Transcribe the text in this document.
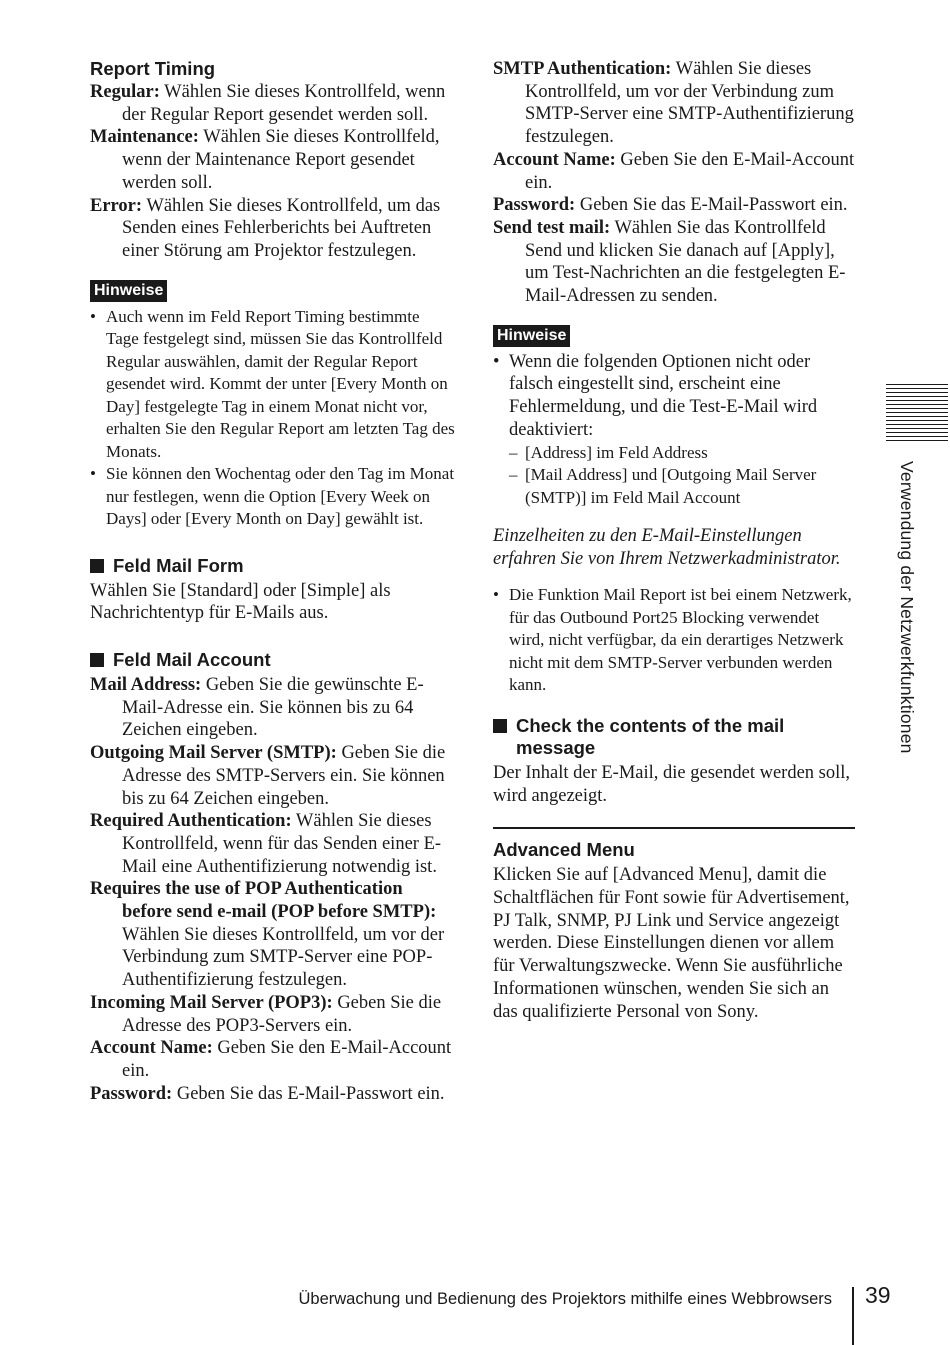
Report Timing

Regular: Wählen Sie dieses Kontrollfeld, wenn der Regular Report gesendet werden soll.

Maintenance: Wählen Sie dieses Kontrollfeld, wenn der Maintenance Report gesendet werden soll.

Error: Wählen Sie dieses Kontrollfeld, um das Senden eines Fehlerberichts bei Auftreten einer Störung am Projektor festzulegen.

Hinweise

• Auch wenn im Feld Report Timing bestimmte Tage festgelegt sind, müssen Sie das Kontrollfeld Regular auswählen, damit der Regular Report gesendet wird. Kommt der unter [Every Month on Day] festgelegte Tag in einem Monat nicht vor, erhalten Sie den Regular Report am letzten Tag des Monats.

• Sie können den Wochentag oder den Tag im Monat nur festlegen, wenn die Option [Every Week on Days] oder [Every Month on Day] gewählt ist.

Feld Mail Form

Wählen Sie [Standard] oder [Simple] als Nachrichtentyp für E-Mails aus.

Feld Mail Account

Mail Address: Geben Sie die gewünschte E-Mail-Adresse ein. Sie können bis zu 64 Zeichen eingeben.

Outgoing Mail Server (SMTP): Geben Sie die Adresse des SMTP-Servers ein. Sie können bis zu 64 Zeichen eingeben.

Required Authentication: Wählen Sie dieses Kontrollfeld, wenn für das Senden einer E-Mail eine Authentifizierung notwendig ist.

Requires the use of POP Authentication before send e-mail (POP before SMTP): Wählen Sie dieses Kontrollfeld, um vor der Verbindung zum SMTP-Server eine POP-Authentifizierung festzulegen.

Incoming Mail Server (POP3): Geben Sie die Adresse des POP3-Servers ein.

Account Name: Geben Sie den E-Mail-Account ein.

Password: Geben Sie das E-Mail-Passwort ein.

SMTP Authentication: Wählen Sie dieses Kontrollfeld, um vor der Verbindung zum SMTP-Server eine SMTP-Authentifizierung festzulegen.

Account Name: Geben Sie den E-Mail-Account ein.

Password: Geben Sie das E-Mail-Passwort ein.

Send test mail: Wählen Sie das Kontrollfeld Send und klicken Sie danach auf [Apply], um Test-Nachrichten an die festgelegten E-Mail-Adressen zu senden.

Hinweise

• Wenn die folgenden Optionen nicht oder falsch eingestellt sind, erscheint eine Fehlermeldung, und die Test-E-Mail wird deaktiviert:

– [Address] im Feld Address

– [Mail Address] und [Outgoing Mail Server (SMTP)] im Feld Mail Account

Einzelheiten zu den E-Mail-Einstellungen erfahren Sie von Ihrem Netzwerkadministrator.

• Die Funktion Mail Report ist bei einem Netzwerk, für das Outbound Port25 Blocking verwendet wird, nicht verfügbar, da ein derartiges Netzwerk nicht mit dem SMTP-Server verbunden werden kann.

Check the contents of the mail message

Der Inhalt der E-Mail, die gesendet werden soll, wird angezeigt.

Advanced Menu

Klicken Sie auf [Advanced Menu], damit die Schaltflächen für Font sowie für Advertisement, PJ Talk, SNMP, PJ Link und Service angezeigt werden. Diese Einstellungen dienen vor allem für Verwaltungszwecke. Wenn Sie ausführliche Informationen wünschen, wenden Sie sich an das qualifizierte Personal von Sony.

Verwendung der Netzwerkfunktionen
Überwachung und Bedienung des Projektors mithilfe eines Webbrowsers 39
